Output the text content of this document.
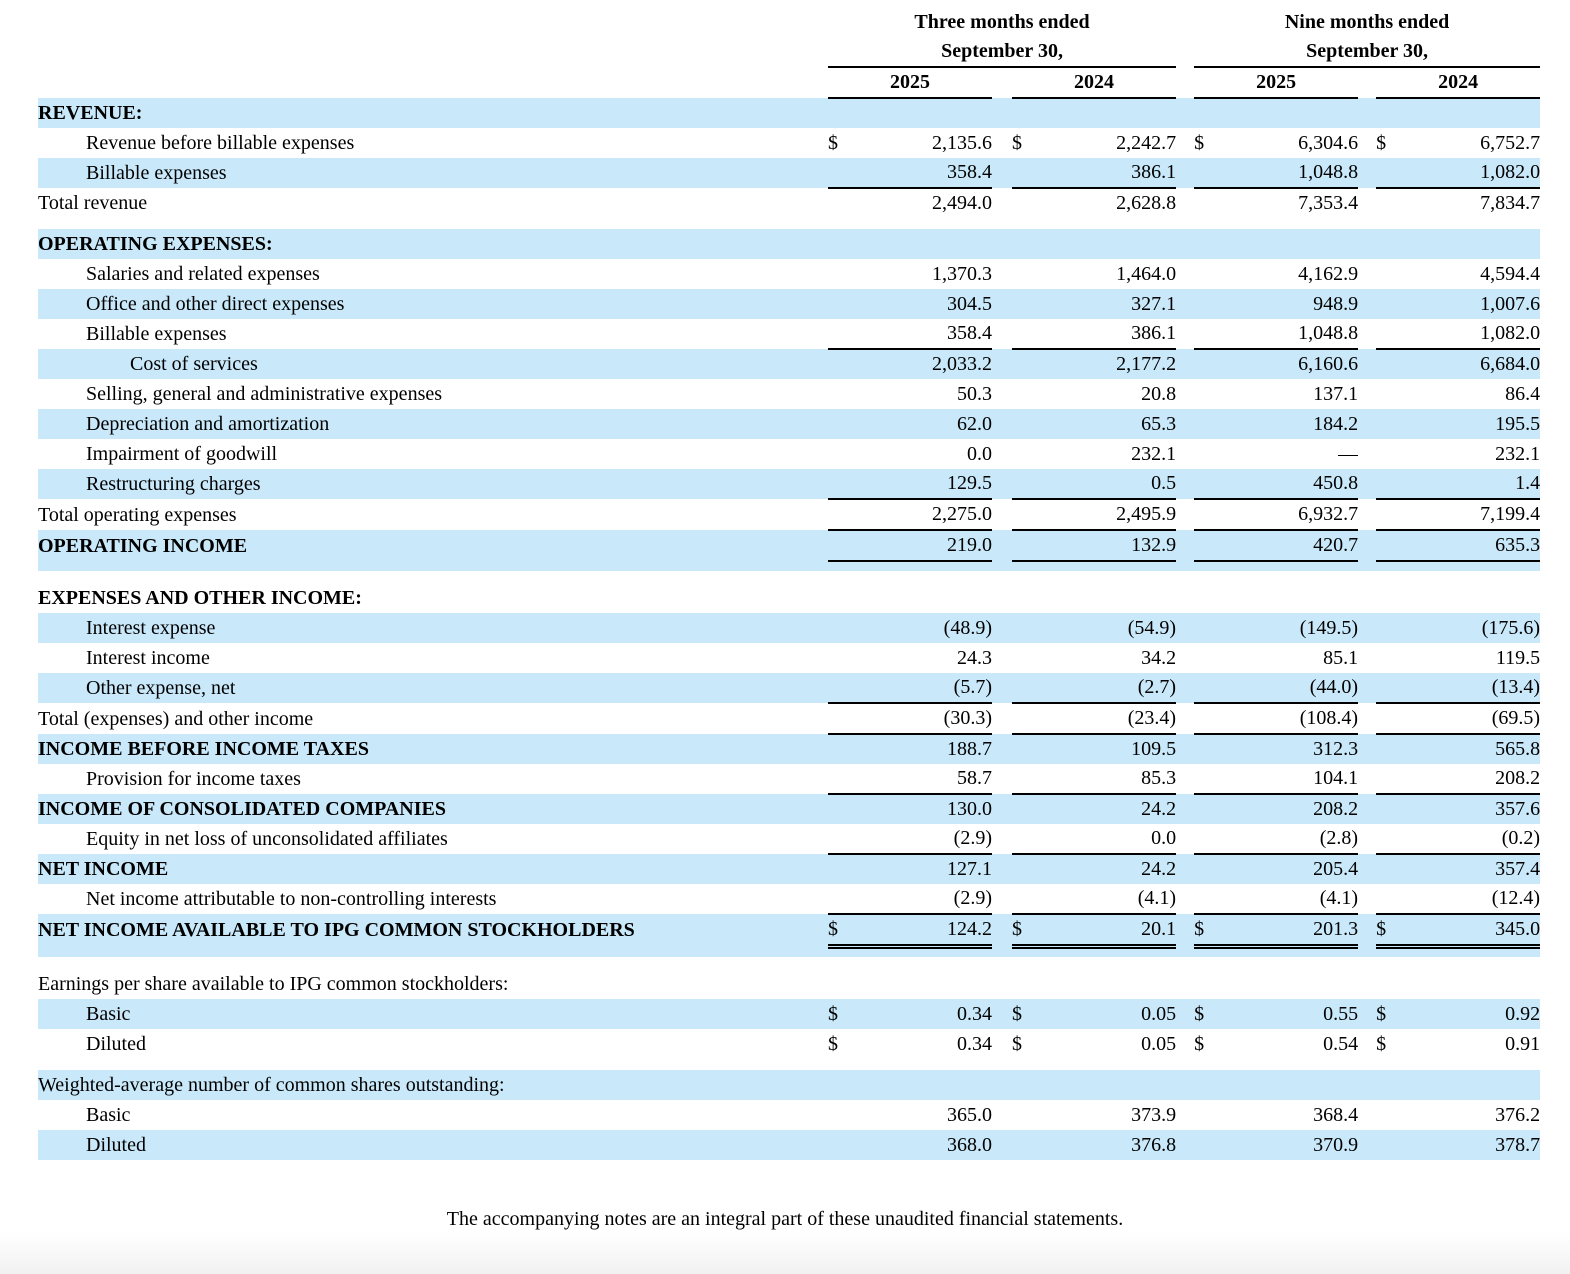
	Three months ended
September 30,						Nine months ended
September 30,				
	2025			2024			2025			2024	
REVENUE:											
Revenue before billable expenses	$	2,135.6		$	2,242.7		$	6,304.6		$	6,752.7
Billable expenses		358.4			386.1			1,048.8			1,082.0
Total revenue		2,494.0			2,628.8			7,353.4			7,834.7

OPERATING EXPENSES:											
Salaries and related expenses		1,370.3			1,464.0			4,162.9			4,594.4
Office and other direct expenses		304.5			327.1			948.9			1,007.6
Billable expenses		358.4			386.1			1,048.8			1,082.0
Cost of services		2,033.2			2,177.2			6,160.6			6,684.0
Selling, general and administrative expenses		50.3			20.8			137.1			86.4
Depreciation and amortization		62.0			65.3			184.2			195.5
Impairment of goodwill		0.0			232.1			—			232.1
Restructuring charges		129.5			0.5			450.8			1.4
Total operating expenses		2,275.0			2,495.9			6,932.7			7,199.4
OPERATING INCOME		219.0			132.9			420.7			635.3

EXPENSES AND OTHER INCOME:											
Interest expense		(48.9)			(54.9)			(149.5)			(175.6)
Interest income		24.3			34.2			85.1			119.5
Other expense, net		(5.7)			(2.7)			(44.0)			(13.4)
Total (expenses) and other income		(30.3)			(23.4)			(108.4)			(69.5)
INCOME BEFORE INCOME TAXES		188.7			109.5			312.3			565.8
Provision for income taxes		58.7			85.3			104.1			208.2
INCOME OF CONSOLIDATED COMPANIES		130.0			24.2			208.2			357.6
Equity in net loss of unconsolidated affiliates		(2.9)			0.0			(2.8)			(0.2)
NET INCOME		127.1			24.2			205.4			357.4
Net income attributable to non-controlling interests		(2.9)			(4.1)			(4.1)			(12.4)
NET INCOME AVAILABLE TO IPG COMMON STOCKHOLDERS	$	124.2		$	20.1		$	201.3		$	345.0

Earnings per share available to IPG common stockholders:											
Basic	$	0.34		$	0.05		$	0.55		$	0.92
Diluted	$	0.34		$	0.05		$	0.54		$	0.91

Weighted-average number of common shares outstanding:											
Basic		365.0			373.9			368.4			376.2
Diluted		368.0			376.8			370.9			378.7
The accompanying notes are an integral part of these unaudited financial statements.
